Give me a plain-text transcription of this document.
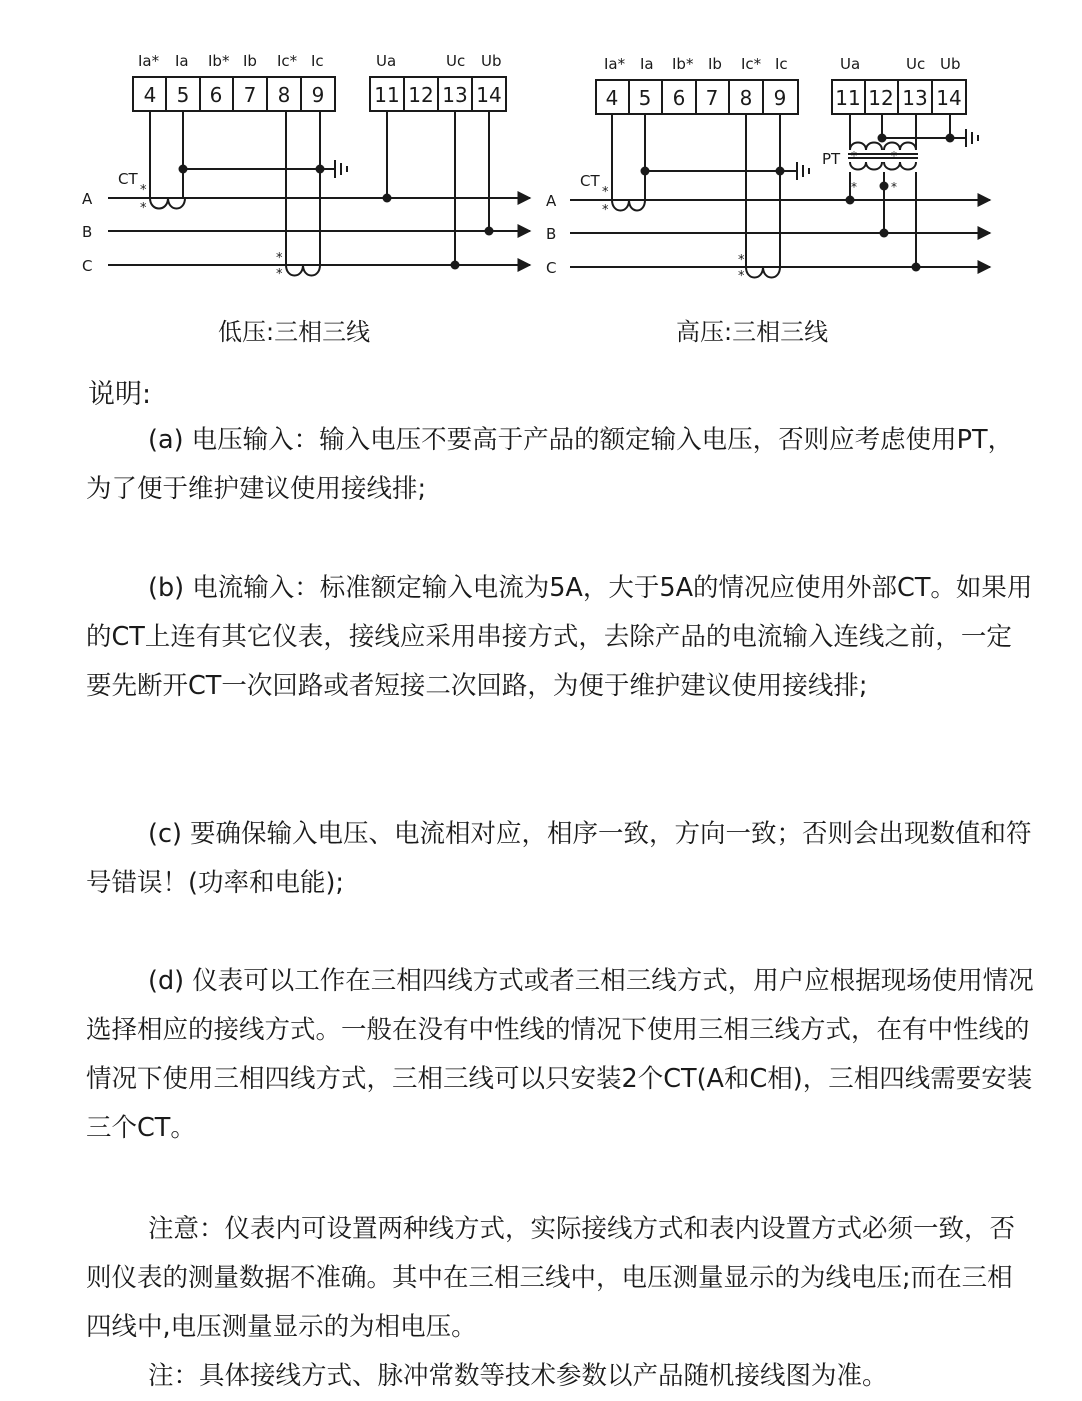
Ia* Ia Ib* Ib Ic* Ic	Ua	Uc Ub
4 5 6 7 8 9 11 12 13 14
A
B
C
CT
*
*
*
*
Ia* Ia Ib* Ib Ic* Ic	Ua	Uc Ub
4 5 6 7 8 9 11 12 13 14
A
B
C
CT
PT
*
*
*
*
*
*
*
*
低压:三相三线	高压:三相三线
说明:

(a) 电压输入：输入电压不要高于产品的额定输入电压，否则应考虑使用PT，为了便于维护建议使用接线排;

(b) 电流输入：标准额定输入电流为5A，大于5A的情况应使用外部CT。如果用的CT上连有其它仪表，接线应采用串接方式，去除产品的电流输入连线之前，一定要先断开CT一次回路或者短接二次回路，为便于维护建议使用接线排;

(c) 要确保输入电压、电流相对应，相序一致，方向一致；否则会出现数值和符号错误！(功率和电能);

(d) 仪表可以工作在三相四线方式或者三相三线方式，用户应根据现场使用情况选择相应的接线方式。一般在没有中性线的情况下使用三相三线方式，在有中性线的情况下使用三相四线方式，三相三线可以只安装2个CT(A和C相)，三相四线需要安装三个CT。

注意：仪表内可设置两种线方式，实际接线方式和表内设置方式必须一致，否则仪表的测量数据不准确。其中在三相三线中，电压测量显示的为线电压;而在三相四线中,电压测量显示的为相电压。

注：具体接线方式、脉冲常数等技术参数以产品随机接线图为准。
